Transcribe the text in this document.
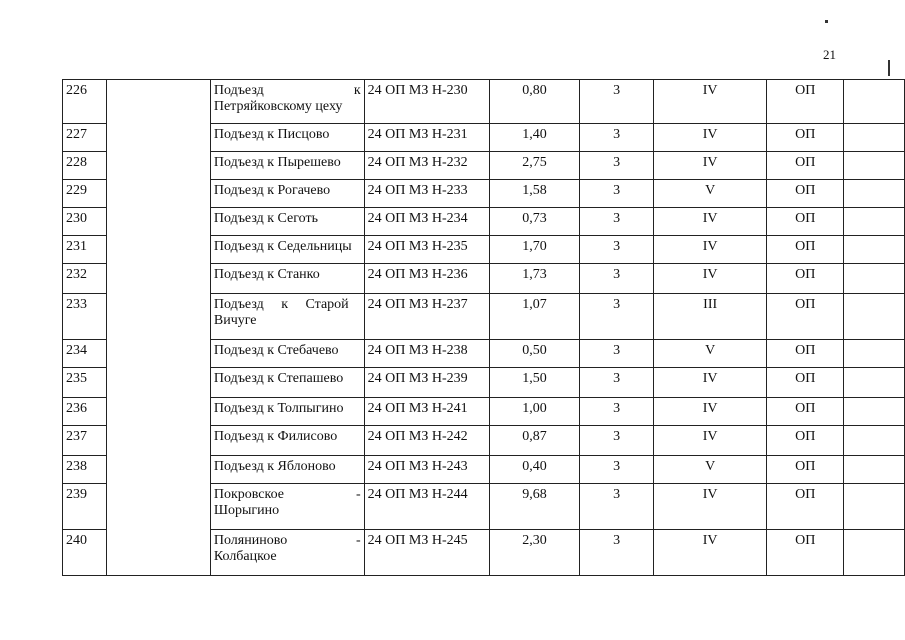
21
226		Подъезд к
Петряйковскому цеху	24 ОП МЗ Н-230	0,80	3	IV	ОП	
227		Подъезд к Писцово	24 ОП МЗ Н-231	1,40	3	IV	ОП	
228		Подъезд к Пырешево	24 ОП МЗ Н-232	2,75	3	IV	ОП	
229		Подъезд к Рогачево	24 ОП МЗ Н-233	1,58	3	V	ОП	
230		Подъезд к Сеготь	24 ОП МЗ Н-234	0,73	3	IV	ОП	
231		Подъезд к Седельницы	24 ОП МЗ Н-235	1,70	3	IV	ОП	
232		Подъезд к Станко	24 ОП МЗ Н-236	1,73	3	IV	ОП	
233		Подъезд     к     Старой
Вичуге	24 ОП МЗ Н-237	1,07	3	III	ОП	
234		Подъезд к Стебачево	24 ОП МЗ Н-238	0,50	3	V	ОП	
235		Подъезд к Степашево	24 ОП МЗ Н-239	1,50	3	IV	ОП	
236		Подъезд к Толпыгино	24 ОП МЗ Н-241	1,00	3	IV	ОП	
237		Подъезд к Филисово	24 ОП МЗ Н-242	0,87	3	IV	ОП	
238		Подъезд к Яблоново	24 ОП МЗ Н-243	0,40	3	V	ОП	
239		Покровское -
Шорыгино	24 ОП МЗ Н-244	9,68	3	IV	ОП	
240		Поляниново -
Колбацкое	24 ОП МЗ Н-245	2,30	3	IV	ОП	
